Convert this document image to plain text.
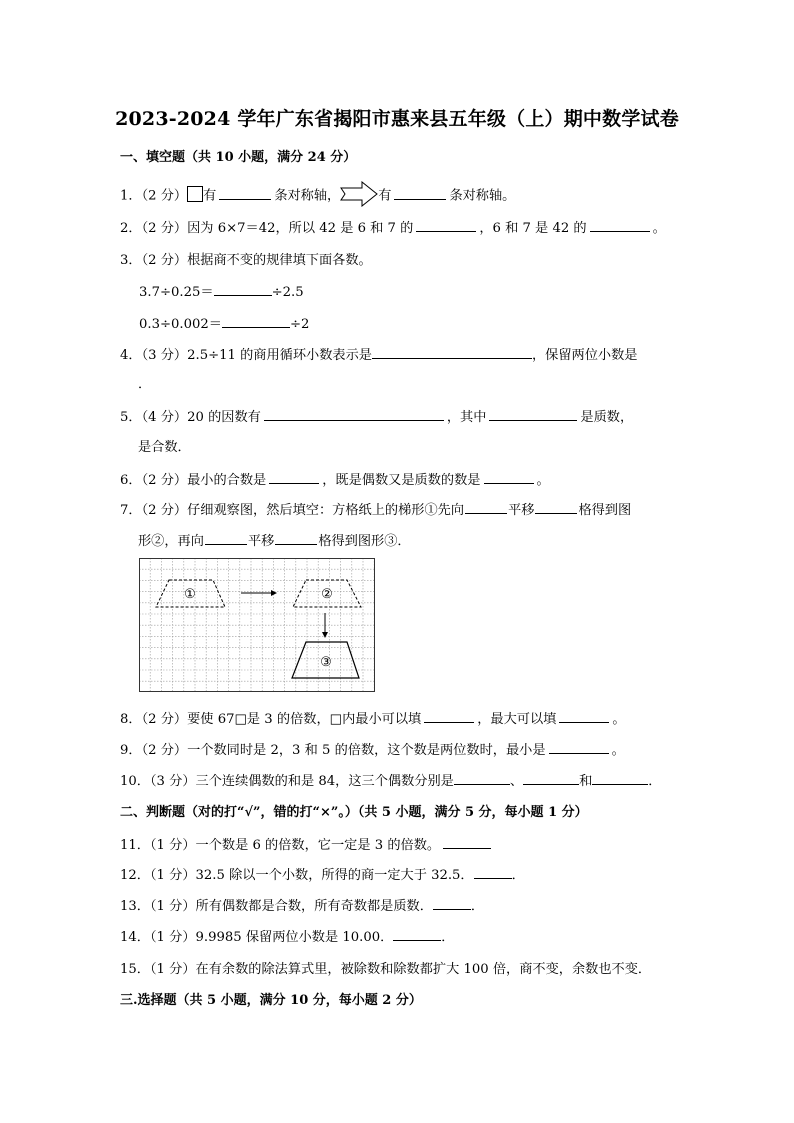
2023-2024 学年广东省揭阳市惠来县五年级（上）期中数学试卷
一、填空题（共 10 小题，满分 24 分）
1．（2 分） 有	条对称轴，	有	条对称轴。
2．（2 分）因为 6×7＝42，所以 42 是 6 和 7 的	，6 和 7 是 42 的	。
3．（2 分）根据商不变的规律填下面各数。
3.7÷0.25＝	÷2.5
0.3÷0.002＝	÷2
4．（3 分）2.5÷11 的商用循环小数表示是	，保留两位小数是
．
5．（4 分）20 的因数有	，其中	是质数，
是合数．
6．（2 分）最小的合数是	，既是偶数又是质数的数是	。
7．（2 分）仔细观察图，然后填空：方格纸上的梯形①先向	平移	格得到图
形②，再向	平移	格得到图形③．
①	②
③
8．（2 分）要使 67□是 3 的倍数，□内最小可以填	，最大可以填	。
9．（2 分）一个数同时是 2，3 和 5 的倍数，这个数是两位数时，最小是	。
10．（3 分）三个连续偶数的和是 84，这三个偶数分别是	、	和	．
二、判断题（对的打“√”，错的打“×”。）（共 5 小题，满分 5 分，每小题 1 分）
11．（1 分）一个数是 6 的倍数，它一定是 3 的倍数。
12．（1 分）32.5 除以一个小数，所得的商一定大于 32.5．	．
13．（1 分）所有偶数都是合数，所有奇数都是质数．	．
14．（1 分）9.9985 保留两位小数是 10.00．	．
15．（1 分）在有余数的除法算式里，被除数和除数都扩大 100 倍，商不变，余数也不变．
三.选择题（共 5 小题，满分 10 分，每小题 2 分）
